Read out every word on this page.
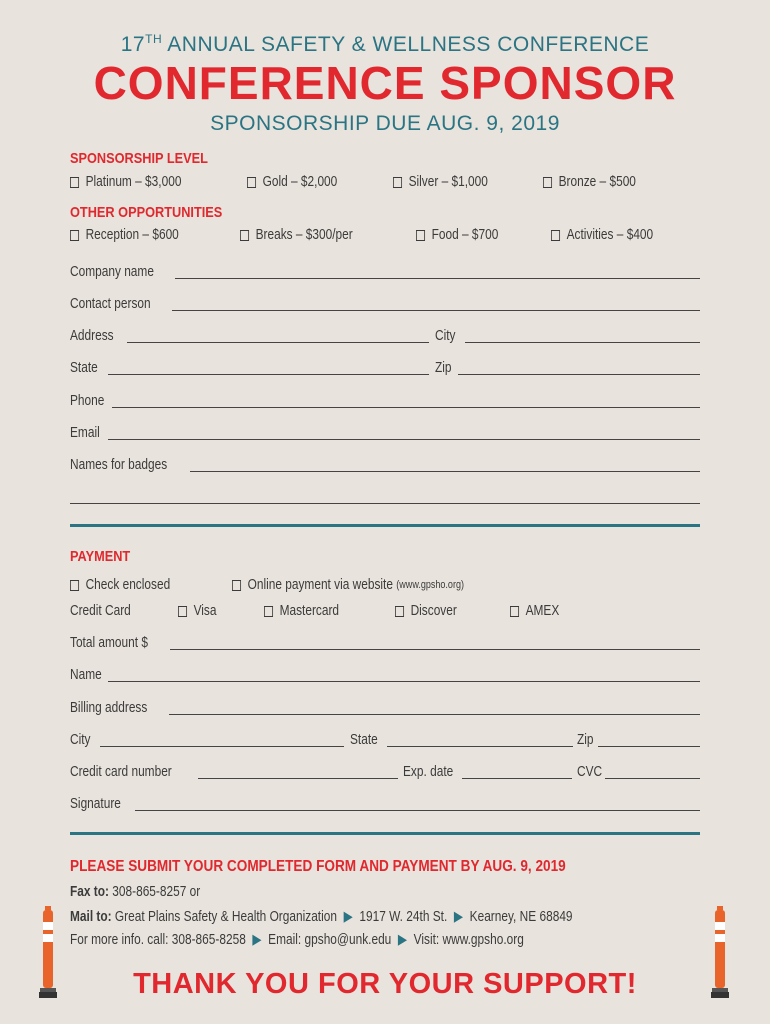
17TH ANNUAL SAFETY & WELLNESS CONFERENCE
CONFERENCE SPONSOR
SPONSORSHIP DUE AUG. 9, 2019
SPONSORSHIP LEVEL
Platinum – $3,000	Gold – $2,000	Silver – $1,000	Bronze – $500
OTHER OPPORTUNITIES
Reception – $600	Breaks – $300/per	Food – $700	Activities – $400
Company name
Contact person
Address	City
State	Zip
Phone
Email
Names for badges
PAYMENT
Check enclosed	Online payment via website
(www.gpsho.org)
Credit Card	Visa	Mastercard	Discover	AMEX
Total amount $
Name
Billing address
City	State	Zip
Credit card number	Exp. date	CVC
Signature
PLEASE SUBMIT YOUR COMPLETED FORM AND PAYMENT BY AUG. 9, 2019
Fax to: 308-865-8257 or
Mail to: Great Plains Safety & Health Organization ▶ 1917 W. 24th St. ▶ Kearney, NE 68849
For more info. call: 308-865-8258 ▶ Email: gpsho@unk.edu ▶ Visit: www.gpsho.org
THANK YOU FOR YOUR SUPPORT!
